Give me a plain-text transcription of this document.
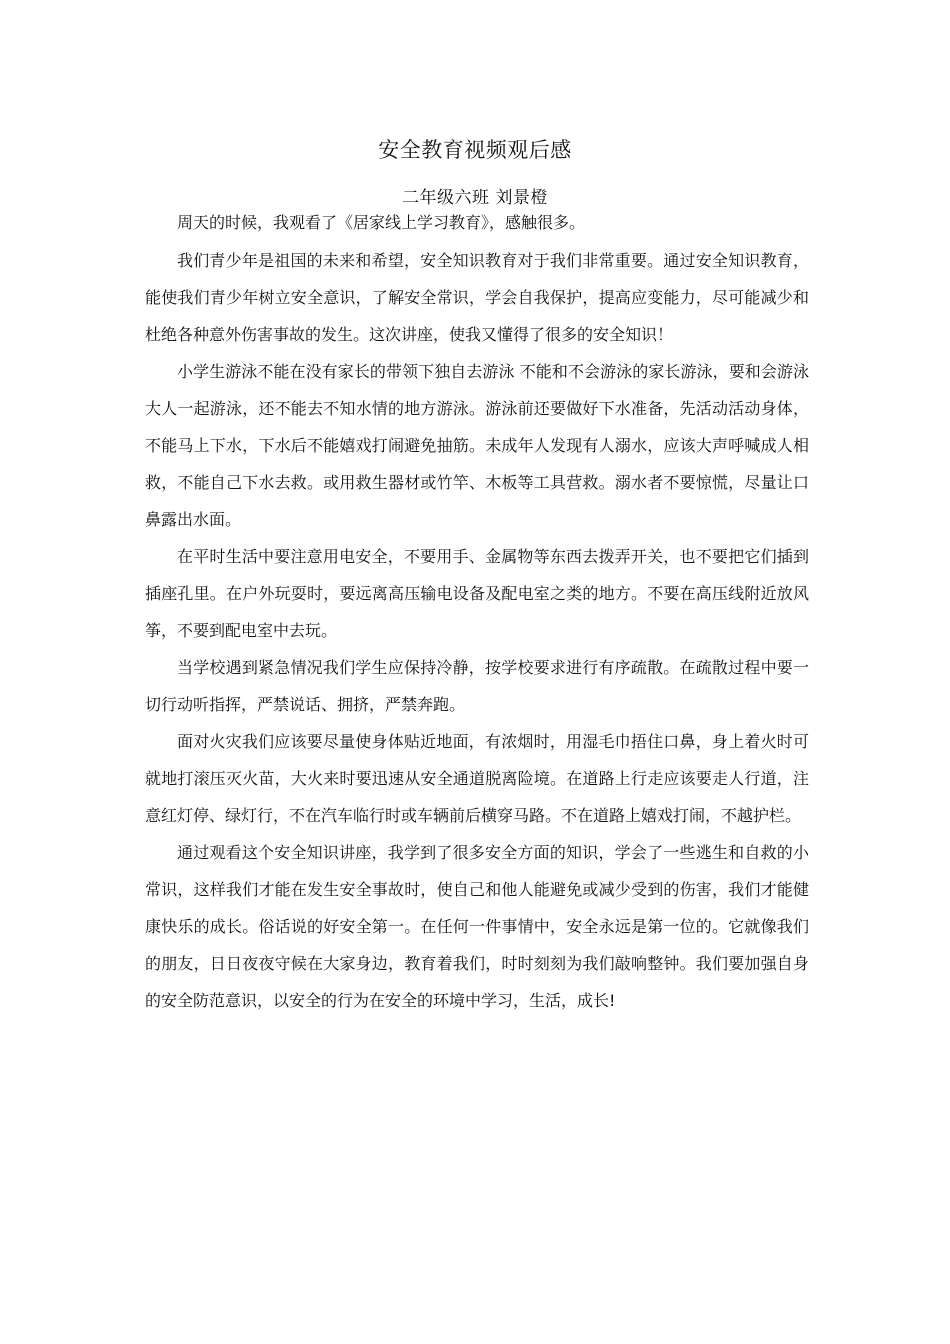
安全教育视频观后感
二年级六班 刘景橙

周天的时候，我观看了《居家线上学习教育》，感触很多。

我们青少年是祖国的未来和希望，安全知识教育对于我们非常重要。通过安全知识教育，能使我们青少年树立安全意识，了解安全常识，学会自我保护，提高应变能力，尽可能减少和杜绝各种意外伤害事故的发生。这次讲座，使我又懂得了很多的安全知识！

小学生游泳不能在没有家长的带领下独自去游泳 不能和不会游泳的家长游泳，要和会游泳大人一起游泳，还不能去不知水情的地方游泳。游泳前还要做好下水准备，先活动活动身体，不能马上下水，下水后不能嬉戏打闹避免抽筋。未成年人发现有人溺水，应该大声呼喊成人相救，不能自己下水去救。或用救生器材或竹竿、木板等工具营救。溺水者不要惊慌，尽量让口鼻露出水面。

在平时生活中要注意用电安全，不要用手、金属物等东西去拨弄开关，也不要把它们插到插座孔里。在户外玩耍时，要远离高压输电设备及配电室之类的地方。不要在高压线附近放风筝，不要到配电室中去玩。

当学校遇到紧急情况我们学生应保持冷静，按学校要求进行有序疏散。在疏散过程中要一切行动听指挥，严禁说话、拥挤，严禁奔跑。

面对火灾我们应该要尽量使身体贴近地面，有浓烟时，用湿毛巾捂住口鼻，身上着火时可就地打滚压灭火苗，大火来时要迅速从安全通道脱离险境。在道路上行走应该要走人行道，注意红灯停、绿灯行，不在汽车临行时或车辆前后横穿马路。不在道路上嬉戏打闹，不越护栏。

通过观看这个安全知识讲座，我学到了很多安全方面的知识，学会了一些逃生和自救的小常识，这样我们才能在发生安全事故时，使自己和他人能避免或减少受到的伤害，我们才能健康快乐的成长。俗话说的好安全第一。在任何一件事情中，安全永远是第一位的。它就像我们的朋友，日日夜夜守候在大家身边，教育着我们，时时刻刻为我们敲响整钟。我们要加强自身的安全防范意识，以安全的行为在安全的环境中学习，生活，成长!
